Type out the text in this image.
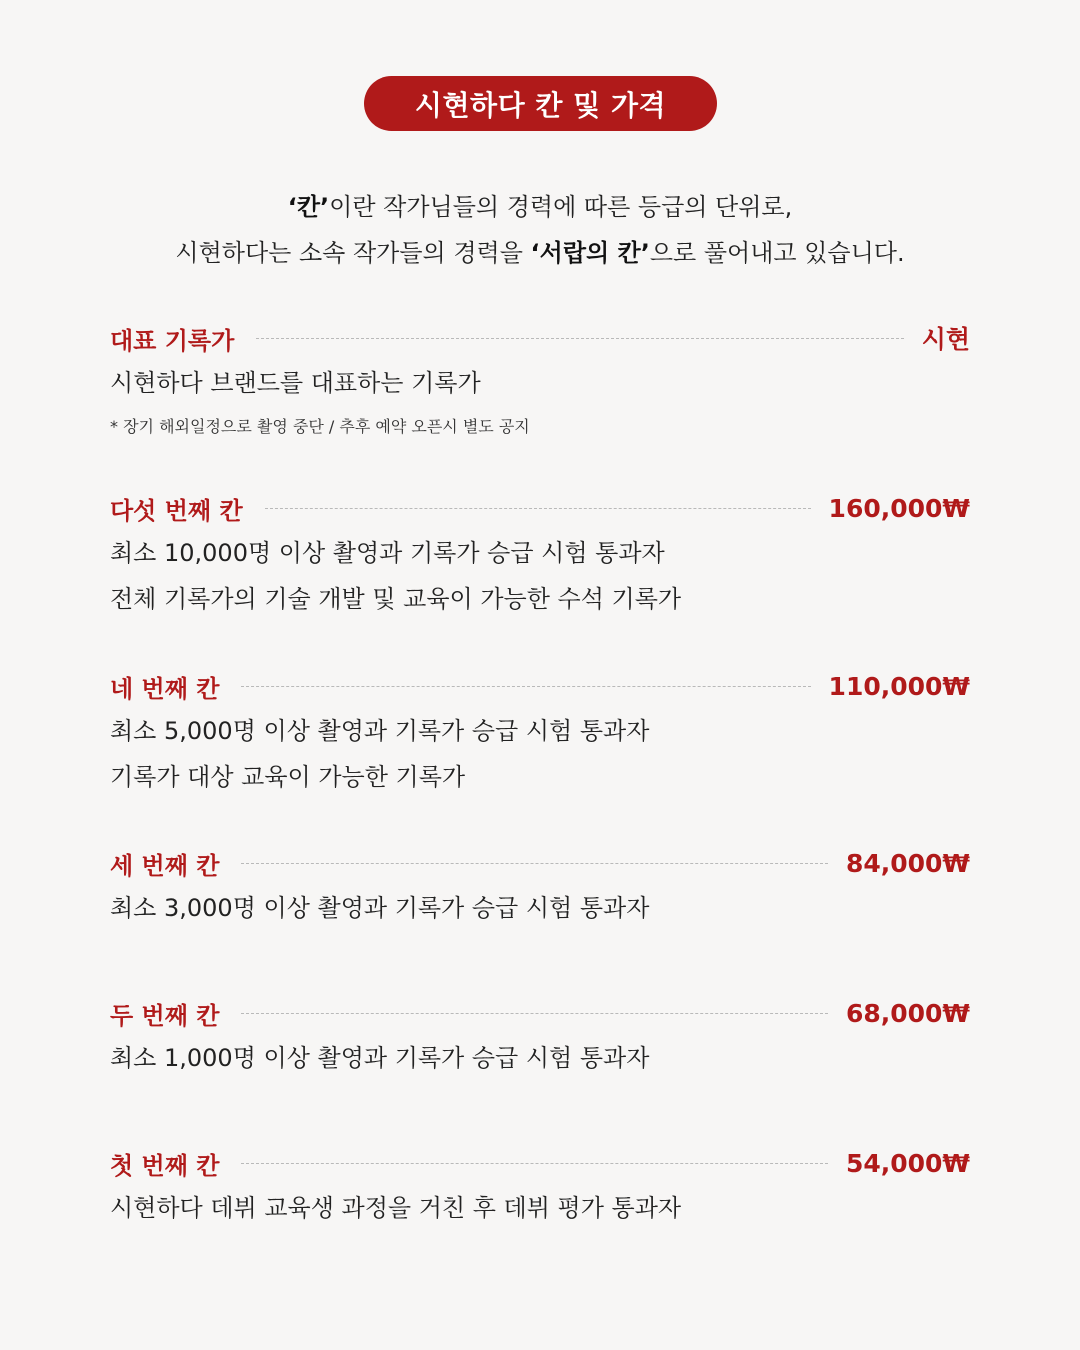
시현하다 칸 및 가격
‘칸’이란 작가님들의 경력에 따른 등급의 단위로,
시현하다는 소속 작가들의 경력을 ‘서랍의 칸’으로 풀어내고 있습니다.
대표 기록가	시현
시현하다 브랜드를 대표하는 기록가
* 장기 해외일정으로 촬영 중단 / 추후 예약 오픈시 별도 공지
다섯 번째 칸	160,000₩
최소 10,000명 이상 촬영과 기록가 승급 시험 통과자
전체 기록가의 기술 개발 및 교육이 가능한 수석 기록가
네 번째 칸	110,000₩
최소 5,000명 이상 촬영과 기록가 승급 시험 통과자
기록가 대상 교육이 가능한 기록가
세 번째 칸	84,000₩
최소 3,000명 이상 촬영과 기록가 승급 시험 통과자
두 번째 칸	68,000₩
최소 1,000명 이상 촬영과 기록가 승급 시험 통과자
첫 번째 칸	54,000₩
시현하다 데뷔 교육생 과정을 거친 후 데뷔 평가 통과자
